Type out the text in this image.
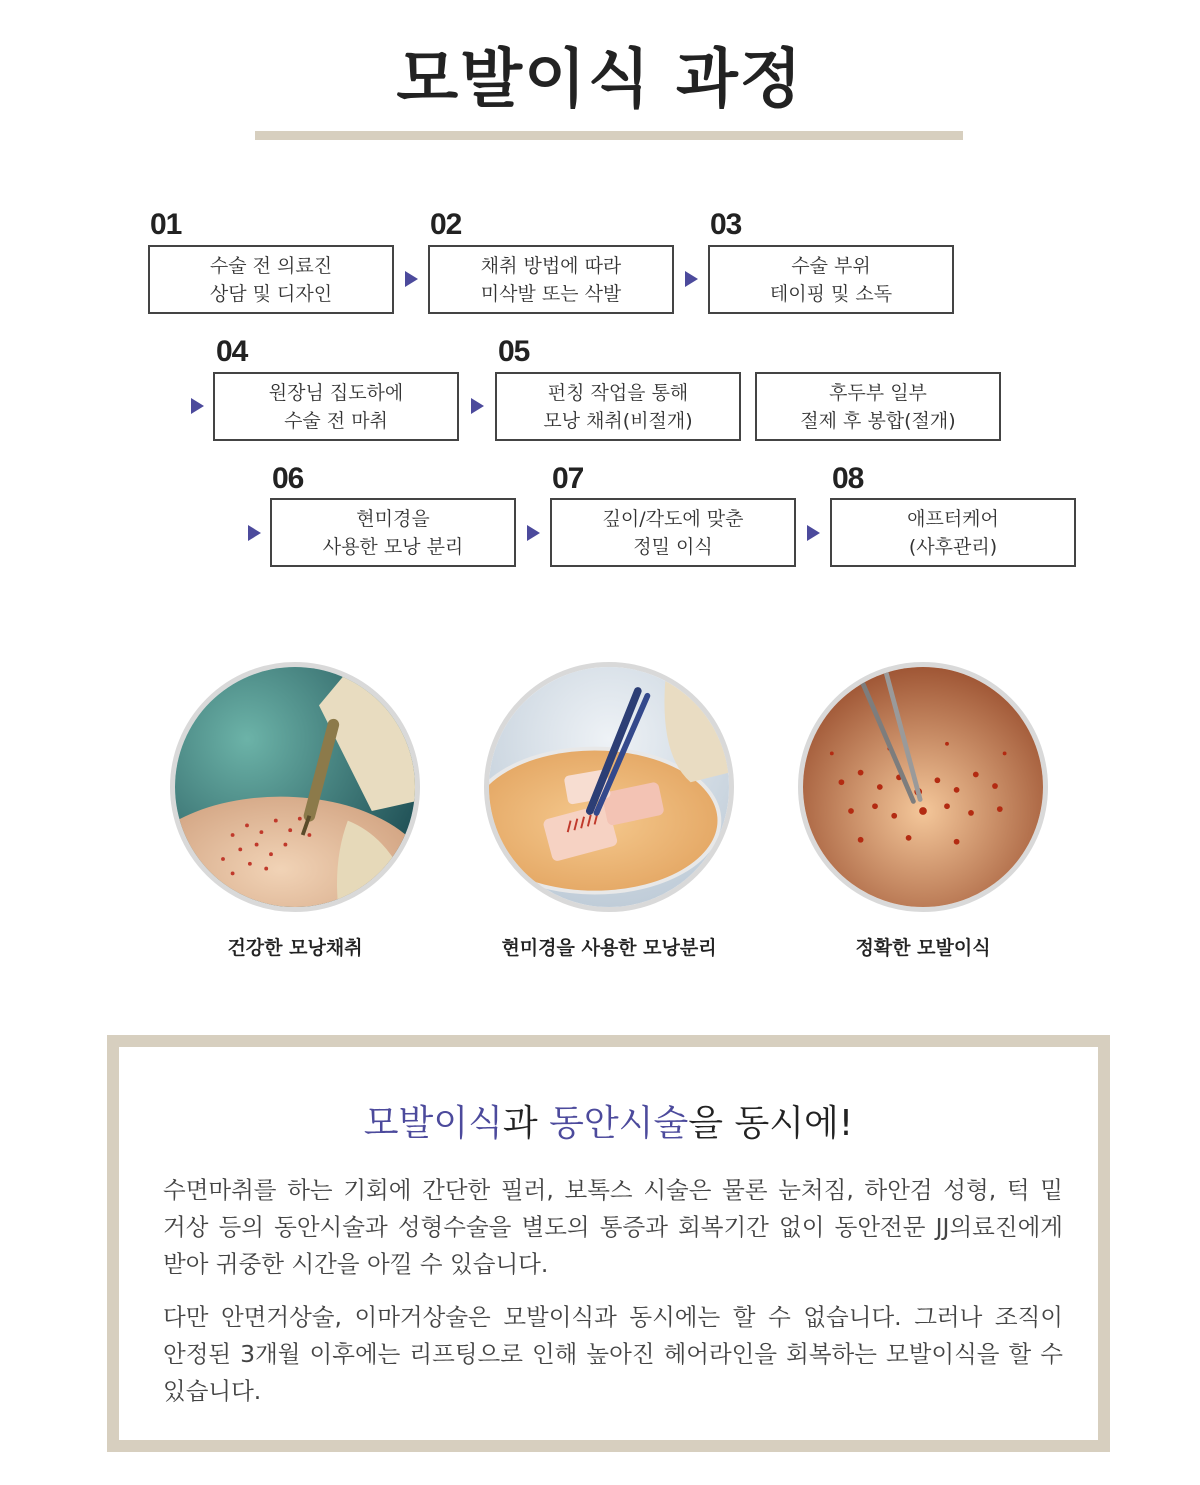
모발이식 과정
01
수술 전 의료진
상담 및 디자인
02
채취 방법에 따라
미삭발 또는 삭발
03
수술 부위
테이핑 및 소독
04
원장님 집도하에
수술 전 마취
05
펀칭 작업을 통해
모낭 채취(비절개)
후두부 일부
절제 후 봉합(절개)
06
현미경을
사용한 모낭 분리
07
깊이/각도에 맞춘
정밀 이식
08
애프터케어
(사후관리)
건강한 모낭채취	현미경을 사용한 모낭분리	정확한 모발이식
모발이식과 동안시술을 동시에!
수면마취를 하는 기회에 간단한 필러, 보톡스 시술은 물론 눈처짐, 하안검 성형, 턱 밑 거상 등의 동안시술과 성형수술을 별도의 통증과 회복기간 없이 동안전문 JJ의료진에게 받아 귀중한 시간을 아낄 수 있습니다.
다만 안면거상술, 이마거상술은 모발이식과 동시에는 할 수 없습니다. 그러나 조직이 안정된 3개월 이후에는 리프팅으로 인해 높아진 헤어라인을 회복하는 모발이식을 할 수 있습니다.
